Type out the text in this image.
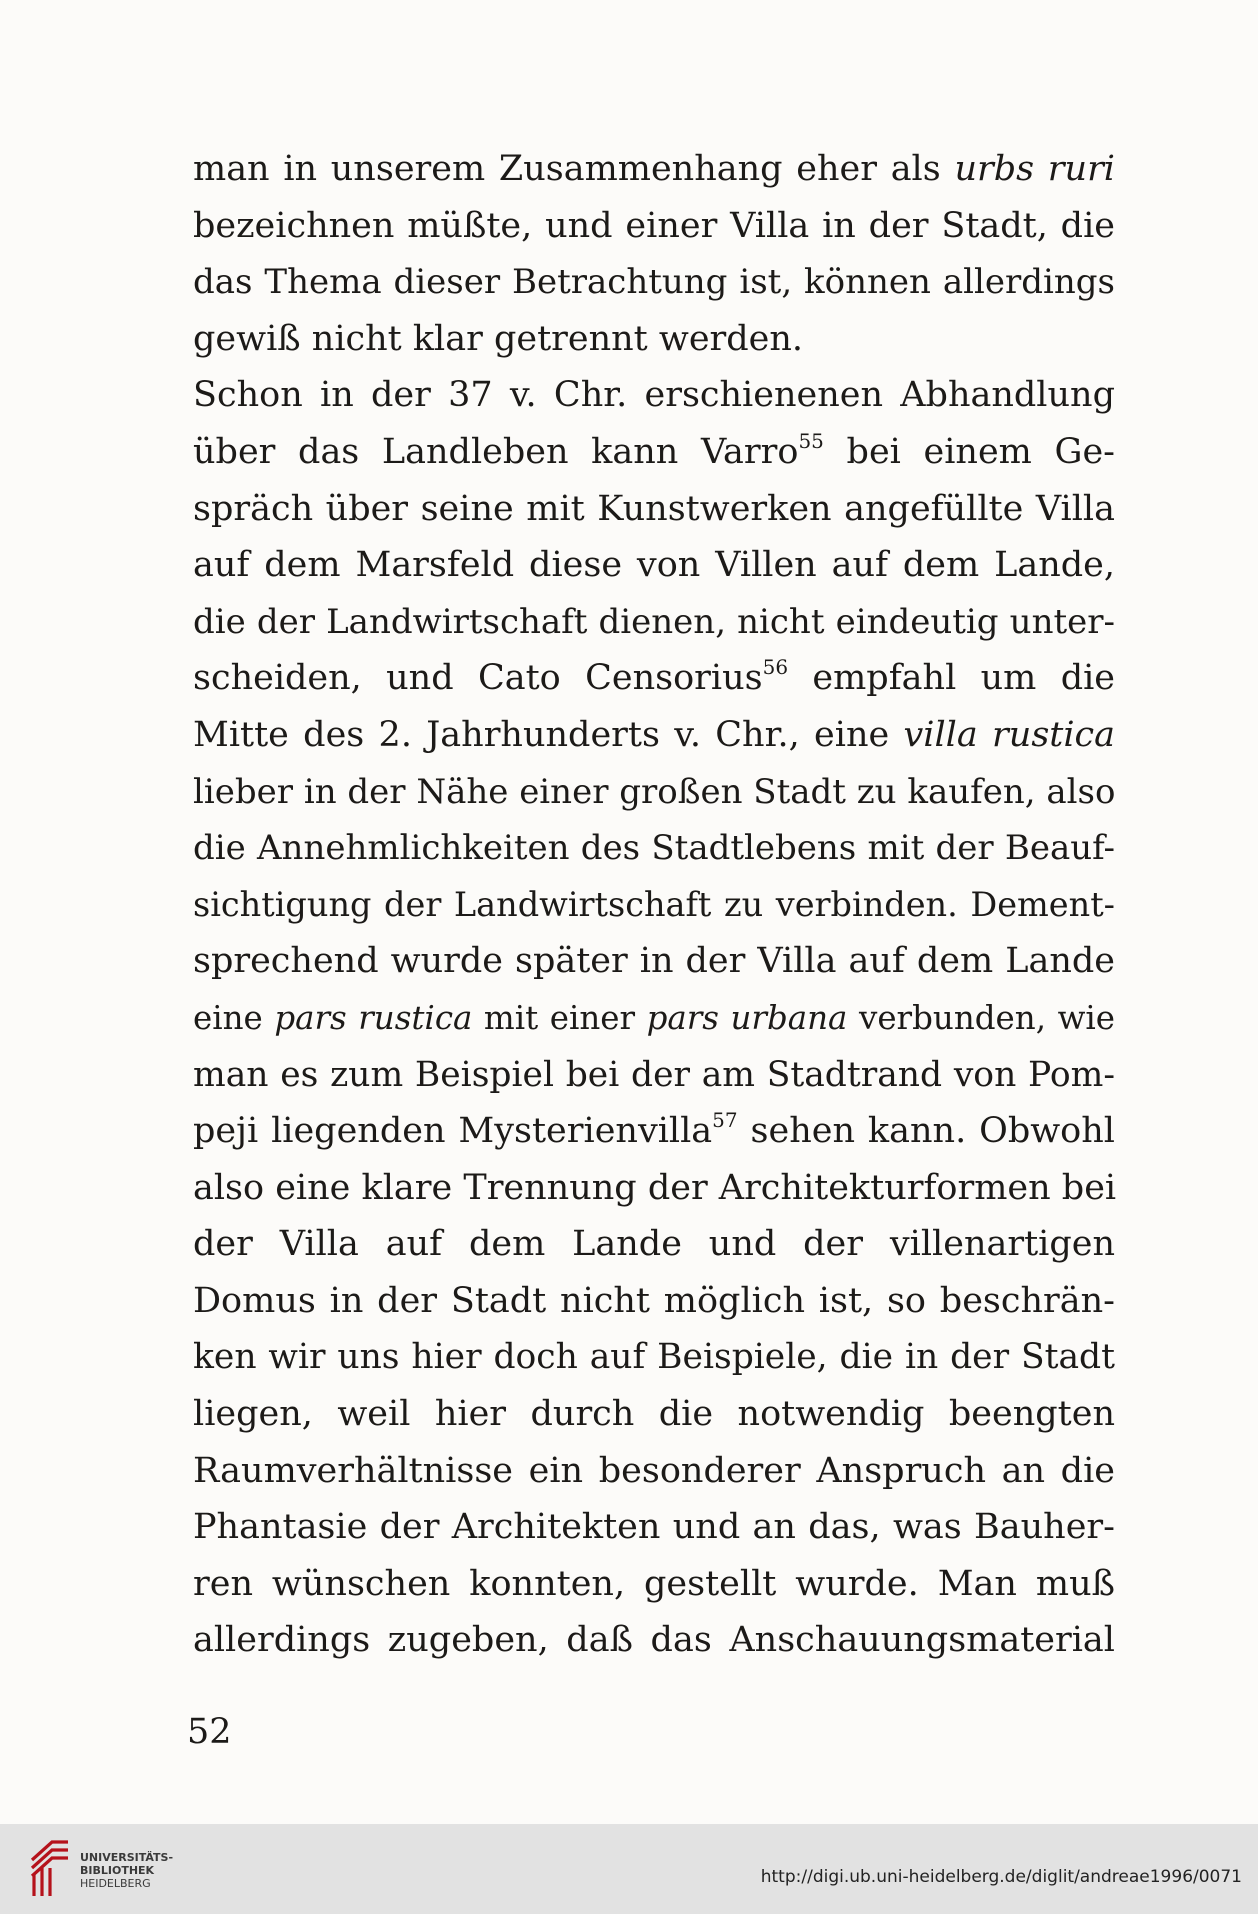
man in unserem Zusammenhang eher als urbs ruri
bezeichnen müßte, und einer Villa in der Stadt, die
das Thema dieser Betrachtung ist, können allerdings
gewiß nicht klar getrennt werden.
Schon in der 37 v. Chr. erschienenen Abhandlung
über das Landleben kann Varro$^{55}$ bei einem Ge-
spräch über seine mit Kunstwerken angefüllte Villa
auf dem Marsfeld diese von Villen auf dem Lande,
die der Landwirtschaft dienen, nicht eindeutig unter-
scheiden, und Cato Censorius$^{56}$ empfahl um die
Mitte des 2. Jahrhunderts v. Chr., eine villa rustica
lieber in der Nähe einer großen Stadt zu kaufen, also
die Annehmlichkeiten des Stadtlebens mit der Beauf-
sichtigung der Landwirtschaft zu verbinden. Dement-
sprechend wurde später in der Villa auf dem Lande
eine pars rustica mit einer pars urbana verbunden, wie
man es zum Beispiel bei der am Stadtrand von Pom-
peji liegenden Mysterienvilla$^{57}$ sehen kann. Obwohl
also eine klare Trennung der Architekturformen bei
der Villa auf dem Lande und der villenartigen
Domus in der Stadt nicht möglich ist, so beschrän-
ken wir uns hier doch auf Beispiele, die in der Stadt
liegen, weil hier durch die notwendig beengten
Raumverhältnisse ein besonderer Anspruch an die
Phantasie der Architekten und an das, was Bauher-
ren wünschen konnten, gestellt wurde. Man muß
allerdings zugeben, daß das Anschauungsmaterial
52
UNIVERSITÄTS-
BIBLIOTHEK
HEIDELBERG	http://digi.ub.uni-heidelberg.de/diglit/andreae1996/0071
